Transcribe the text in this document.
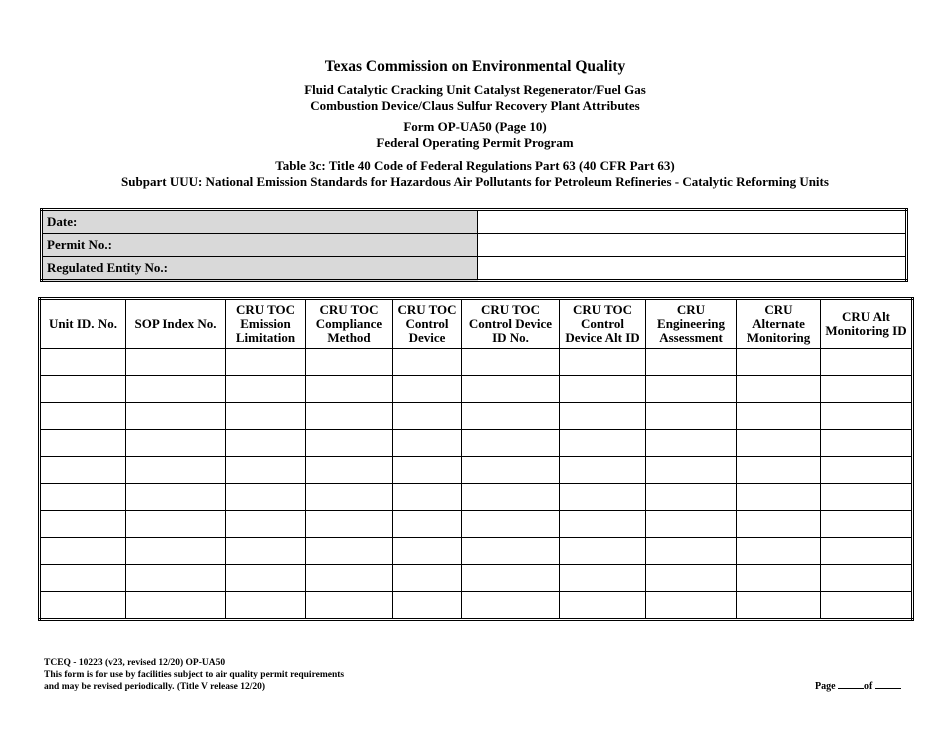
Texas Commission on Environmental Quality
Fluid Catalytic Cracking Unit Catalyst Regenerator/Fuel Gas
Combustion Device/Claus Sulfur Recovery Plant Attributes
Form OP-UA50 (Page 10)
Federal Operating Permit Program
Table 3c: Title 40 Code of Federal Regulations Part 63 (40 CFR Part 63)
Subpart UUU: National Emission Standards for Hazardous Air Pollutants for Petroleum Refineries - Catalytic Reforming Units
Date:	
Permit No.:	
Regulated Entity No.:	
Unit ID. No.	SOP Index No.	CRU TOC Emission Limitation	CRU TOC Compliance Method	CRU TOC Control Device	CRU TOC Control Device ID No.	CRU TOC Control Device Alt ID	CRU Engineering Assessment	CRU Alternate Monitoring	CRU Alt Monitoring ID

TCEQ - 10223 (v23, revised 12/20) OP-UA50
This form is for use by facilities subject to air quality permit requirements
and may be revised periodically. (Title V release 12/20)	Page	of
